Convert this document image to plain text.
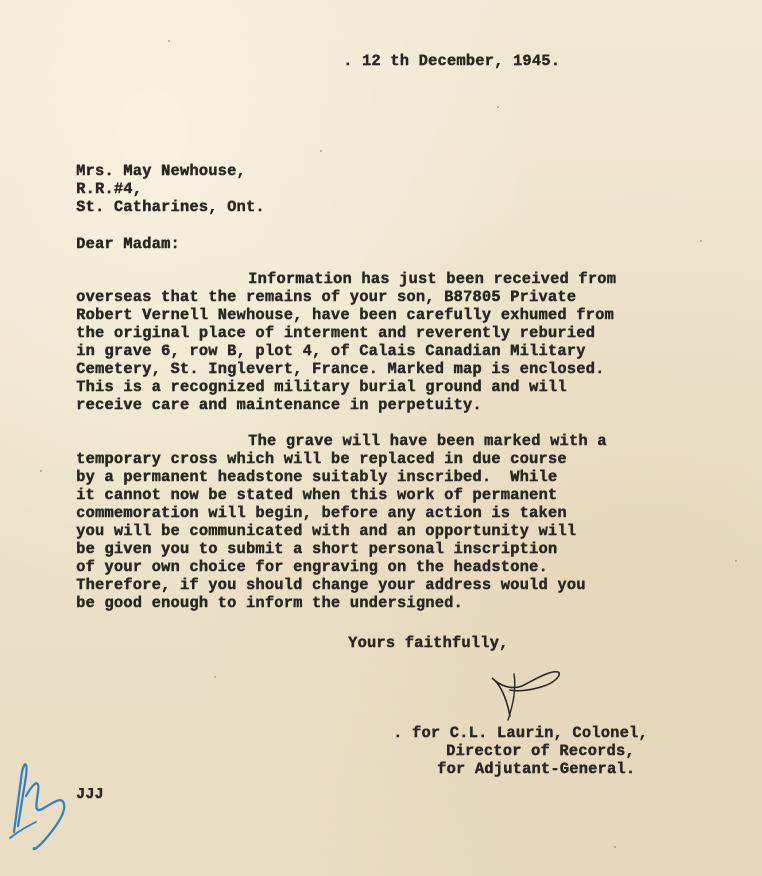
. 12 th December, 1945.
Mrs. May Newhouse,
R.R.#4,
St. Catharines, Ont.
Dear Madam:
Information has just been received from
overseas that the remains of your son, B87805 Private
Robert Vernell Newhouse, have been carefully exhumed from
the original place of interment and reverently reburied
in grave 6, row B, plot 4, of Calais Canadian Military
Cemetery, St. Inglevert, France. Marked map is enclosed.
This is a recognized military burial ground and will
receive care and maintenance in perpetuity.
The grave will have been marked with a
temporary cross which will be replaced in due course
by a permanent headstone suitably inscribed.  While
it cannot now be stated when this work of permanent
commemoration will begin, before any action is taken
you will be communicated with and an opportunity will
be given you to submit a short personal inscription
of your own choice for engraving on the headstone.
Therefore, if you should change your address would you
be good enough to inform the undersigned.
Yours faithfully,
. for C.L. Laurin, Colonel,
Director of Records,
for Adjutant-General.
JJJ
